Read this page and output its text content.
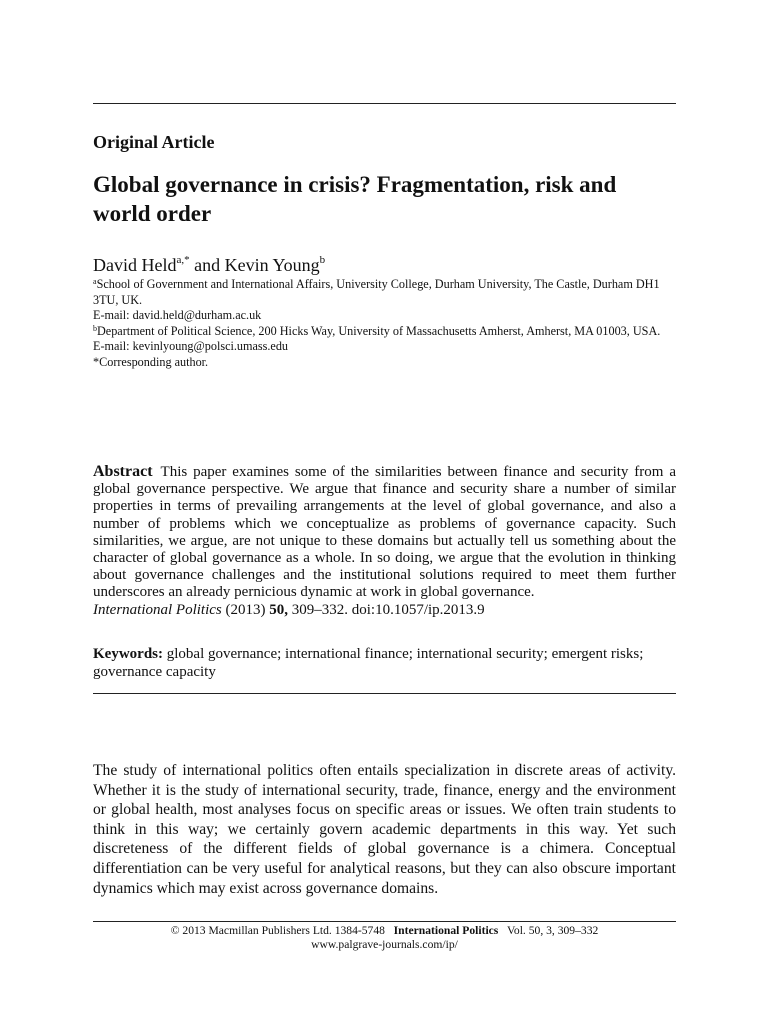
Original Article
Global governance in crisis? Fragmentation, risk and world order
David Held$^{a,*}$ and Kevin Young$^b$
$^a$School of Government and International Affairs, University College, Durham University, The Castle, Durham DH1 3TU, UK.
E-mail: david.held@durham.ac.uk
$^b$Department of Political Science, 200 Hicks Way, University of Massachusetts Amherst, Amherst, MA 01003, USA.
E-mail: kevinlyoung@polsci.umass.edu
*Corresponding author.
Abstract This paper examines some of the similarities between finance and security from a global governance perspective. We argue that finance and security share a number of similar properties in terms of prevailing arrangements at the level of global governance, and also a number of problems which we conceptualize as problems of governance capacity. Such similarities, we argue, are not unique to these domains but actually tell us something about the character of global governance as a whole. In so doing, we argue that the evolution in thinking about governance challenges and the institutional solutions required to meet them further underscores an already pernicious dynamic at work in global governance.
International Politics (2013) 50, 309–332. doi:10.1057/ip.2013.9
Keywords: global governance; international finance; international security; emergent risks; governance capacity
The study of international politics often entails specialization in discrete areas of activity. Whether it is the study of international security, trade, finance, energy and the environment or global health, most analyses focus on specific areas or issues. We often train students to think in this way; we certainly govern academic departments in this way. Yet such discreteness of the different fields of global governance is a chimera. Conceptual differentiation can be very useful for analytical reasons, but they can also obscure important dynamics which may exist across governance domains.
© 2013 Macmillan Publishers Ltd. 1384-5748 International Politics Vol. 50, 3, 309–332
www.palgrave-journals.com/ip/
